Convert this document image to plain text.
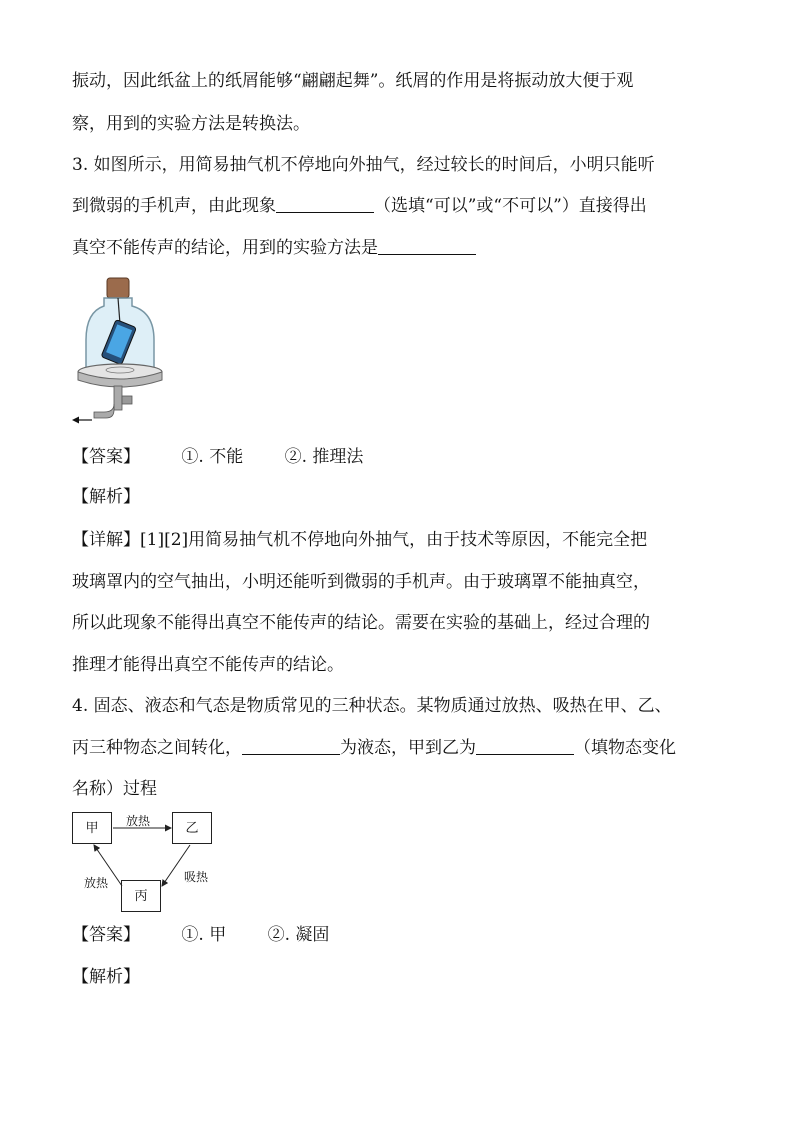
振动，因此纸盆上的纸屑能够“翩翩起舞”。纸屑的作用是将振动放大便于观
察，用到的实验方法是转换法。
3. 如图所示，用简易抽气机不停地向外抽气，经过较长的时间后，小明只能听
到微弱的手机声，由此现象	（选填“可以”或“不可以”）直接得出
真空不能传声的结论，用到的实验方法是
【答案】 ①. 不能 ②. 推理法
【解析】
【详解】[1][2]用简易抽气机不停地向外抽气，由于技术等原因，不能完全把
玻璃罩内的空气抽出，小明还能听到微弱的手机声。由于玻璃罩不能抽真空，
所以此现象不能得出真空不能传声的结论。需要在实验的基础上，经过合理的
推理才能得出真空不能传声的结论。
4. 固态、液态和气态是物质常见的三种状态。某物质通过放热、吸热在甲、乙、
丙三种物态之间转化，	为液态，甲到乙为	（填物态变化
名称）过程
甲	乙
丙
放热
吸热
放热
【答案】 ①. 甲 ②. 凝固
【解析】
